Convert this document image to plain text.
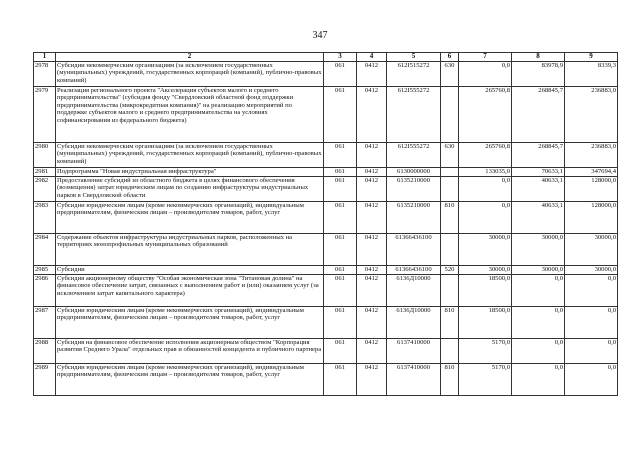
347
1	2	3	4	5	6	7	8	9
2978	Субсидии некоммерческим организациям (за исключением государственных (муниципальных) учреждений, государственных корпораций (компаний), публично-правовых компаний)	061	0412	612I515272	630	0,0	83978,9	8339,3
2979	Реализация регионального проекта "Акселерация субъектов малого и среднего предпринимательства" (субсидия фонду "Свердловский областной фонд поддержки предпринимательства (микрокредитная компания)" на реализацию мероприятий по поддержке субъектов малого и среднего предпринимательства на условиях софинансирования из федерального бюджета)	061	0412	612I555272		265760,8	268845,7	236883,0
2980	Субсидии некоммерческим организациям (за исключением государственных (муниципальных) учреждений, государственных корпораций (компаний), публично-правовых компаний)	061	0412	612I555272	630	265760,8	268845,7	236883,0
2981	Подпрограмма "Новая индустриальная инфраструктура"	061	0412	6130000000		133035,0	70633,1	347694,4
2982	Предоставление субсидий из областного бюджета в целях финансового обеспечения (возмещения) затрат юридическим лицам по созданию инфраструктуры индустриальных парков в Свердловской области	061	0412	6135210000		0,0	40633,1	128000,0
2983	Субсидии юридическим лицам (кроме некоммерческих организаций), индивидуальным предпринимателям, физическим лицам – производителям товаров, работ, услуг	061	0412	6135210000	810	0,0	40633,1	128000,0
2984	Содержание объектов инфраструктуры индустриальных парков, расположенных на территориях монопрофильных муниципальных образований	061	0412	61366436100		30000,0	30000,0	30000,0
2985	Субсидии	061	0412	61366436100	520	30000,0	30000,0	30000,0
2986	Субсидия акционерному обществу "Особая экономическая зона "Титановая долина" на финансовое обеспечение затрат, связанных с выполнением работ и (или) оказанием услуг (за исключением затрат капитального характера)	061	0412	6136Д10000		18500,0	0,0	0,0
2987	Субсидии юридическим лицам (кроме некоммерческих организаций), индивидуальным предпринимателям, физическим лицам – производителям товаров, работ, услуг	061	0412	6136Д10000	810	18500,0	0,0	0,0
2988	Субсидия на финансовое обеспечение исполнения акционерным обществом "Корпорация развития Среднего Урала" отдельных прав и обязанностей концедента и публичного партнера	061	0412	6137410000		5170,0	0,0	0,0
2989	Субсидии юридическим лицам (кроме некоммерческих организаций), индивидуальным предпринимателям, физическим лицам – производителям товаров, работ, услуг	061	0412	6137410000	810	5170,0	0,0	0,0
